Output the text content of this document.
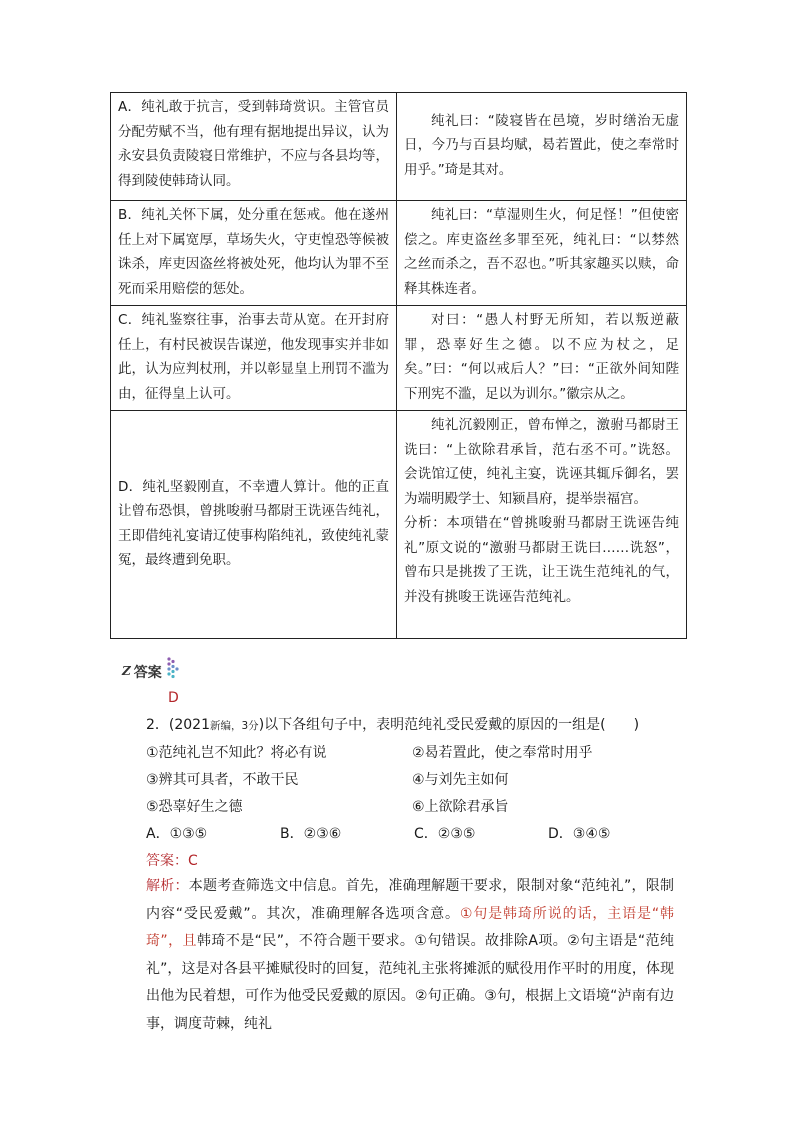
A．纯礼敢于抗言，受到韩琦赏识。主管官员分配劳赋不当，他有理有据地提出异议，认为永安县负责陵寝日常维护，不应与各县均等，得到陵使韩琦认同。	纯礼曰：“陵寝皆在邑境，岁时缮治无虚日，今乃与百县均赋，曷若置此，使之奉常时用乎。”琦是其对。
B．纯礼关怀下属，处分重在惩戒。他在遂州任上对下属宽厚，草场失火，守吏惶恐等候被诛杀，库吏因盗丝将被处死，他均认为罪不至死而采用赔偿的惩处。	纯礼曰：“草湿则生火，何足怪！”但使密偿之。库吏盗丝多罪至死，纯礼曰：“以棼然之丝而杀之，吾不忍也。”听其家趣买以赎，命释其株连者。
C．纯礼鉴察往事，治事去苛从宽。在开封府任上，有村民被误告谋逆，他发现事实并非如此，认为应判杖刑，并以彰显皇上刑罚不滥为由，征得皇上认可。	对曰：“愚人村野无所知，若以叛逆蔽罪，恐辜好生之德。以不应为杖之，足矣。”曰：“何以戒后人？”曰：“正欲外间知陛下刑宪不滥，足以为训尔。”徽宗从之。
D．纯礼坚毅刚直，不幸遭人算计。他的正直让曾布恐惧，曾挑唆驸马都尉王诜诬告纯礼，王即借纯礼宴请辽使事构陷纯礼，致使纯礼蒙冤，最终遭到免职。	纯礼沉毅刚正，曾布惮之，激驸马都尉王诜曰：“上欲除君承旨，范右丞不可。”诜怒。会诜馆辽使，纯礼主宴，诜诬其辄斥御名，罢为端明殿学士、知颍昌府，提举崇福宫。
分析：本项错在“曾挑唆驸马都尉王诜诬告纯礼”原文说的“激驸马都尉王诜曰……诜怒”，曾布只是挑拨了王诜，让王诜生范纯礼的气，并没有挑唆王诜诬告范纯礼。
Z 答案
D
2．(2021新编，3分)以下各组句子中，表明范纯礼受民爱戴的原因的一组是(　　)
①范纯礼岂不知此？将必有说	②曷若置此，使之奉常时用乎
③辨其可具者，不敢干民	④与刘先主如何
⑤恐辜好生之德	⑥上欲除君承旨
A．①③⑤	B．②③⑥	C．②③⑤	D．③④⑤
答案：C
解析：本题考查筛选文中信息。首先，准确理解题干要求，限制对象“范纯礼”，限制内容“受民爱戴”。其次，准确理解各选项含意。①句是韩琦所说的话，主语是“韩琦”，且韩琦不是“民”，不符合题干要求。①句错误。故排除A项。②句主语是“范纯礼”，这是对各县平摊赋役时的回复，范纯礼主张将摊派的赋役用作平时的用度，体现出他为民着想，可作为他受民爱戴的原因。②句正确。③句，根据上文语境“泸南有边事，调度苛棘，纯礼
